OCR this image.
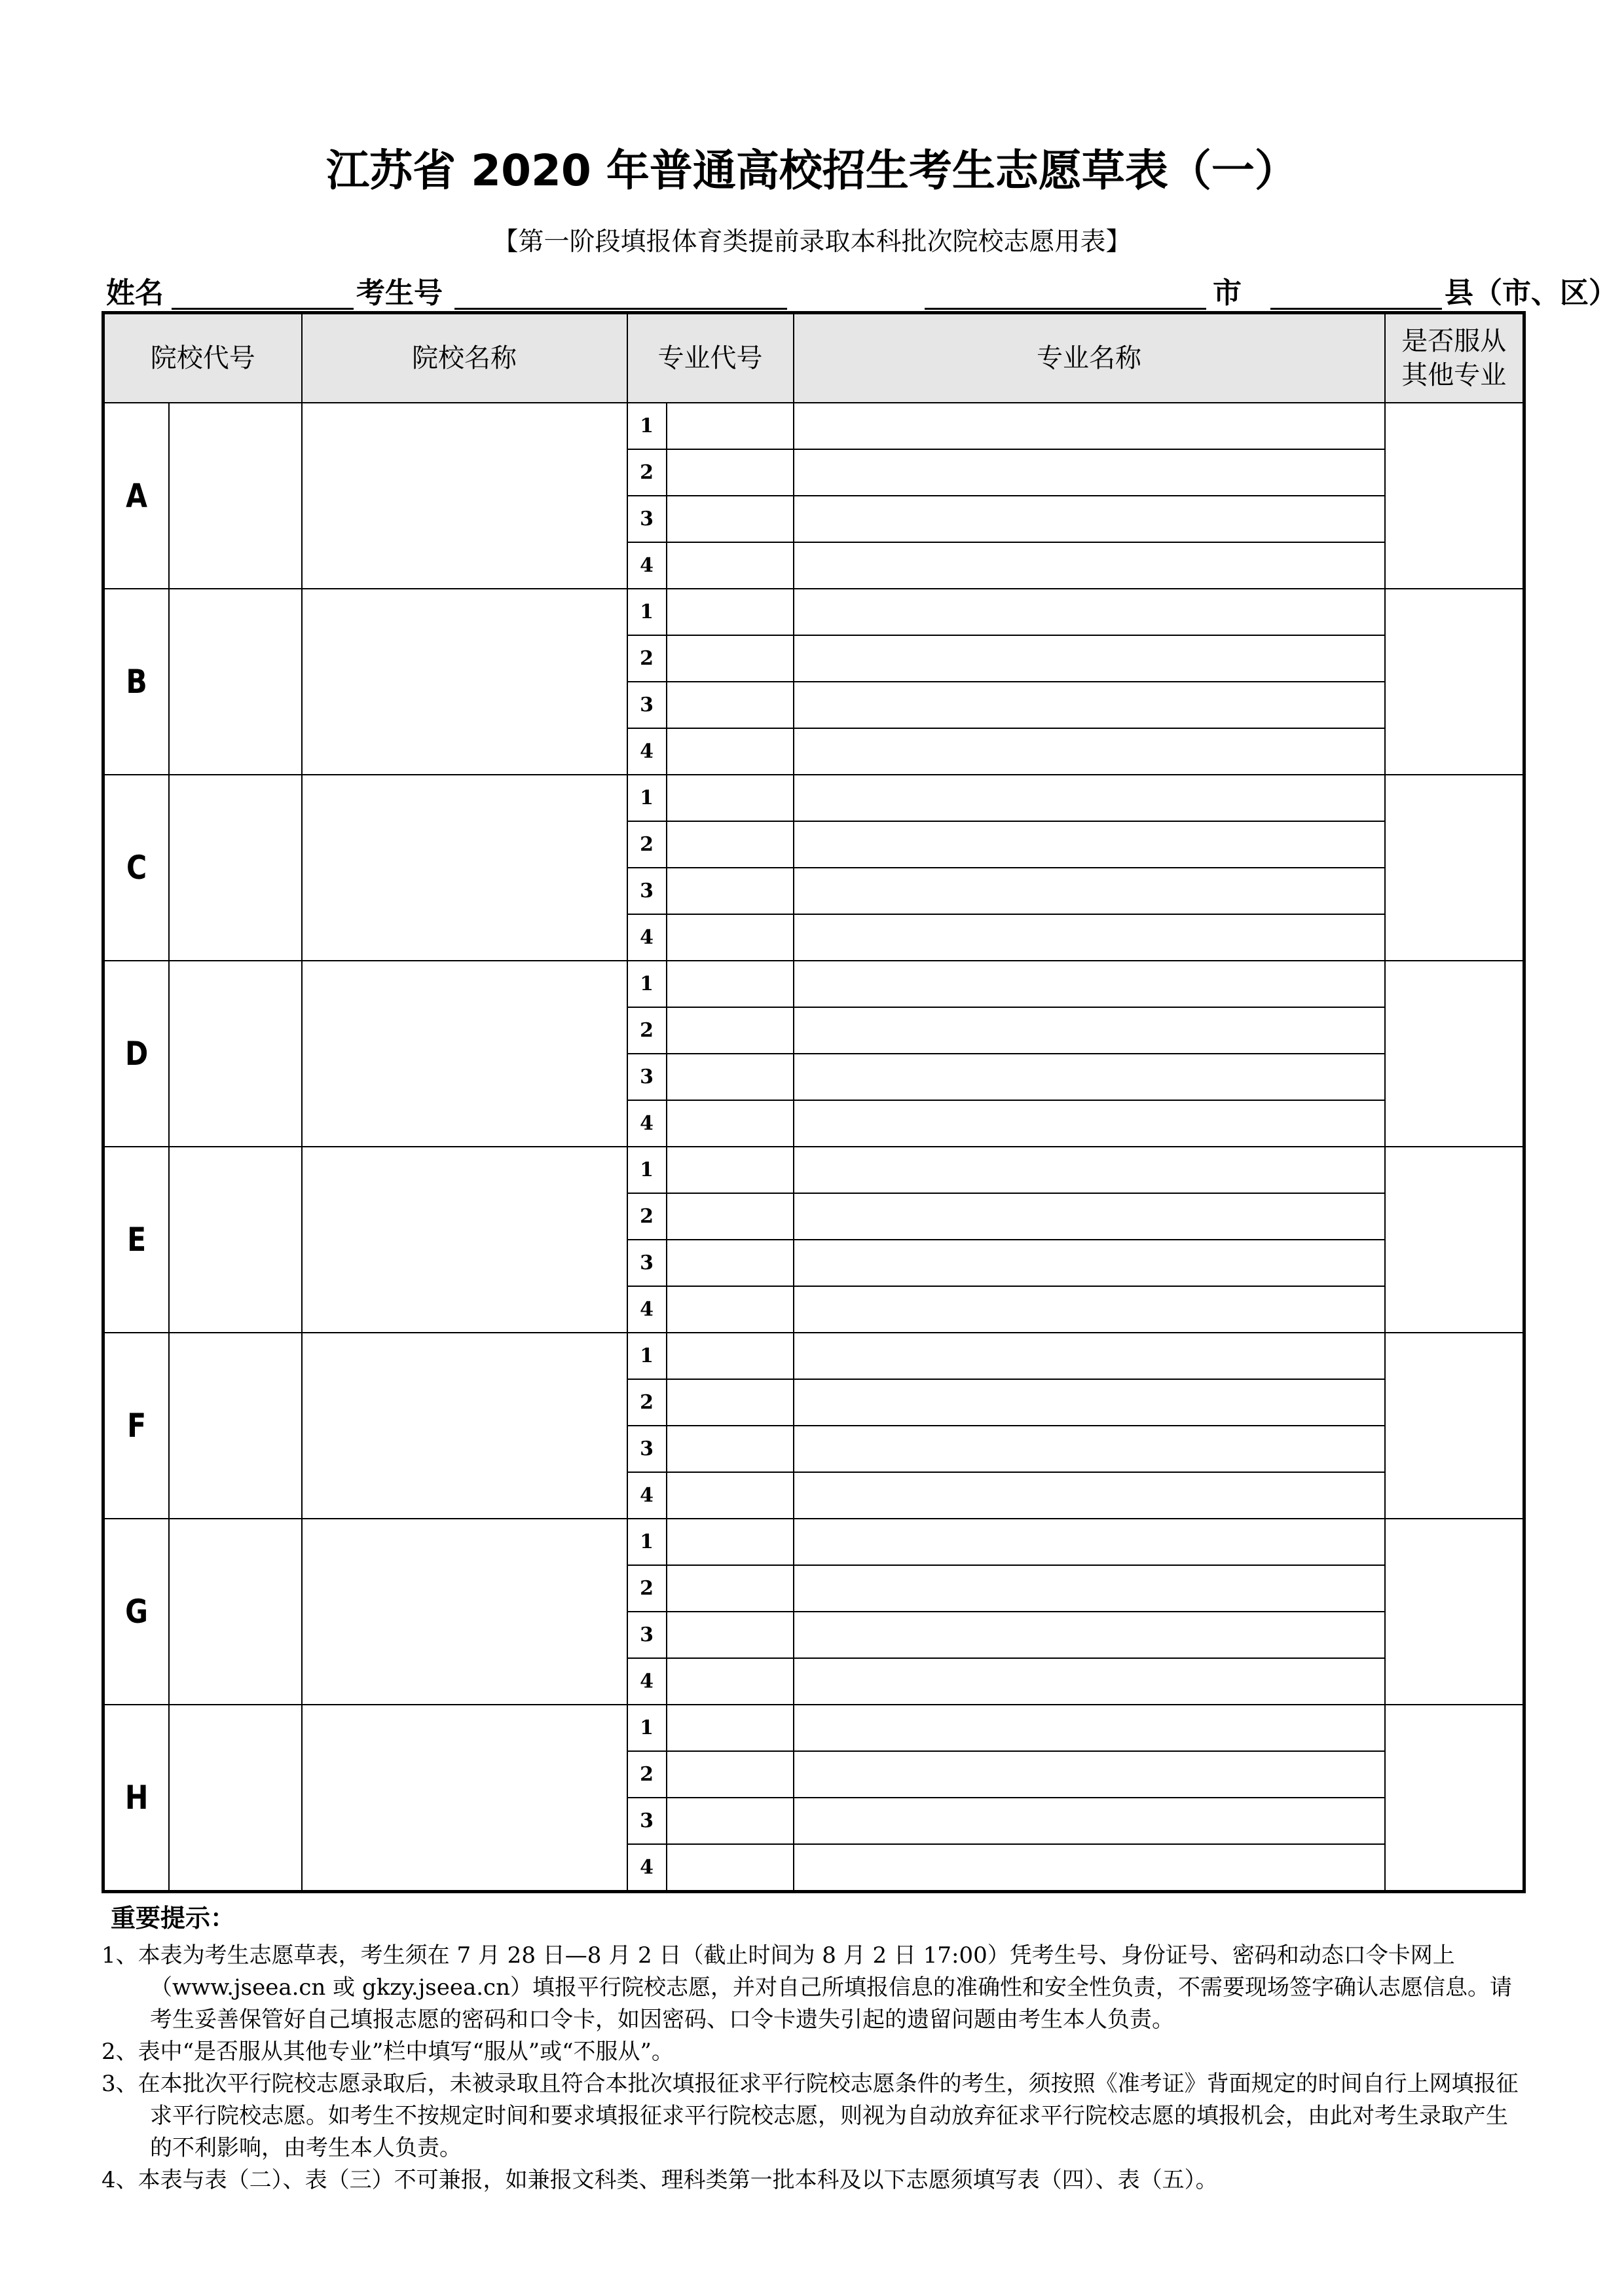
江苏省 2020 年普通高校招生考生志愿草表（一）
【第一阶段填报体育类提前录取本科批次院校志愿用表】
姓名	考生号	市	县（市、区）
院校代号		院校名称	专业代号		专业名称	是否服从其他专业

A			1			
			2			
			3			
			4			
B			1			
			2			
			3			
			4			
C			1			
			2			
			3			
			4			
D			1			
			2			
			3			
			4			
E			1			
			2			
			3			
			4			
F			1			
			2			
			3			
			4			
G			1			
			2			
			3			
			4			
H			1			
			2			
			3			
			4			
重要提示：
1、本表为考生志愿草表，考生须在 7 月 28 日—8 月 2 日（截止时间为 8 月 2 日 17:00）凭考生号、身份证号、密码和动态口令卡网上（www.jseea.cn 或 gkzy.jseea.cn）填报平行院校志愿，并对自己所填报信息的准确性和安全性负责，不需要现场签字确认志愿信息。请考生妥善保管好自己填报志愿的密码和口令卡，如因密码、口令卡遗失引起的遗留问题由考生本人负责。
2、表中“是否服从其他专业”栏中填写“服从”或“不服从”。
3、在本批次平行院校志愿录取后，未被录取且符合本批次填报征求平行院校志愿条件的考生，须按照《准考证》背面规定的时间自行上网填报征求平行院校志愿。如考生不按规定时间和要求填报征求平行院校志愿，则视为自动放弃征求平行院校志愿的填报机会，由此对考生录取产生的不利影响，由考生本人负责。
4、本表与表（二）、表（三）不可兼报，如兼报文科类、理科类第一批本科及以下志愿须填写表（四）、表（五）。
